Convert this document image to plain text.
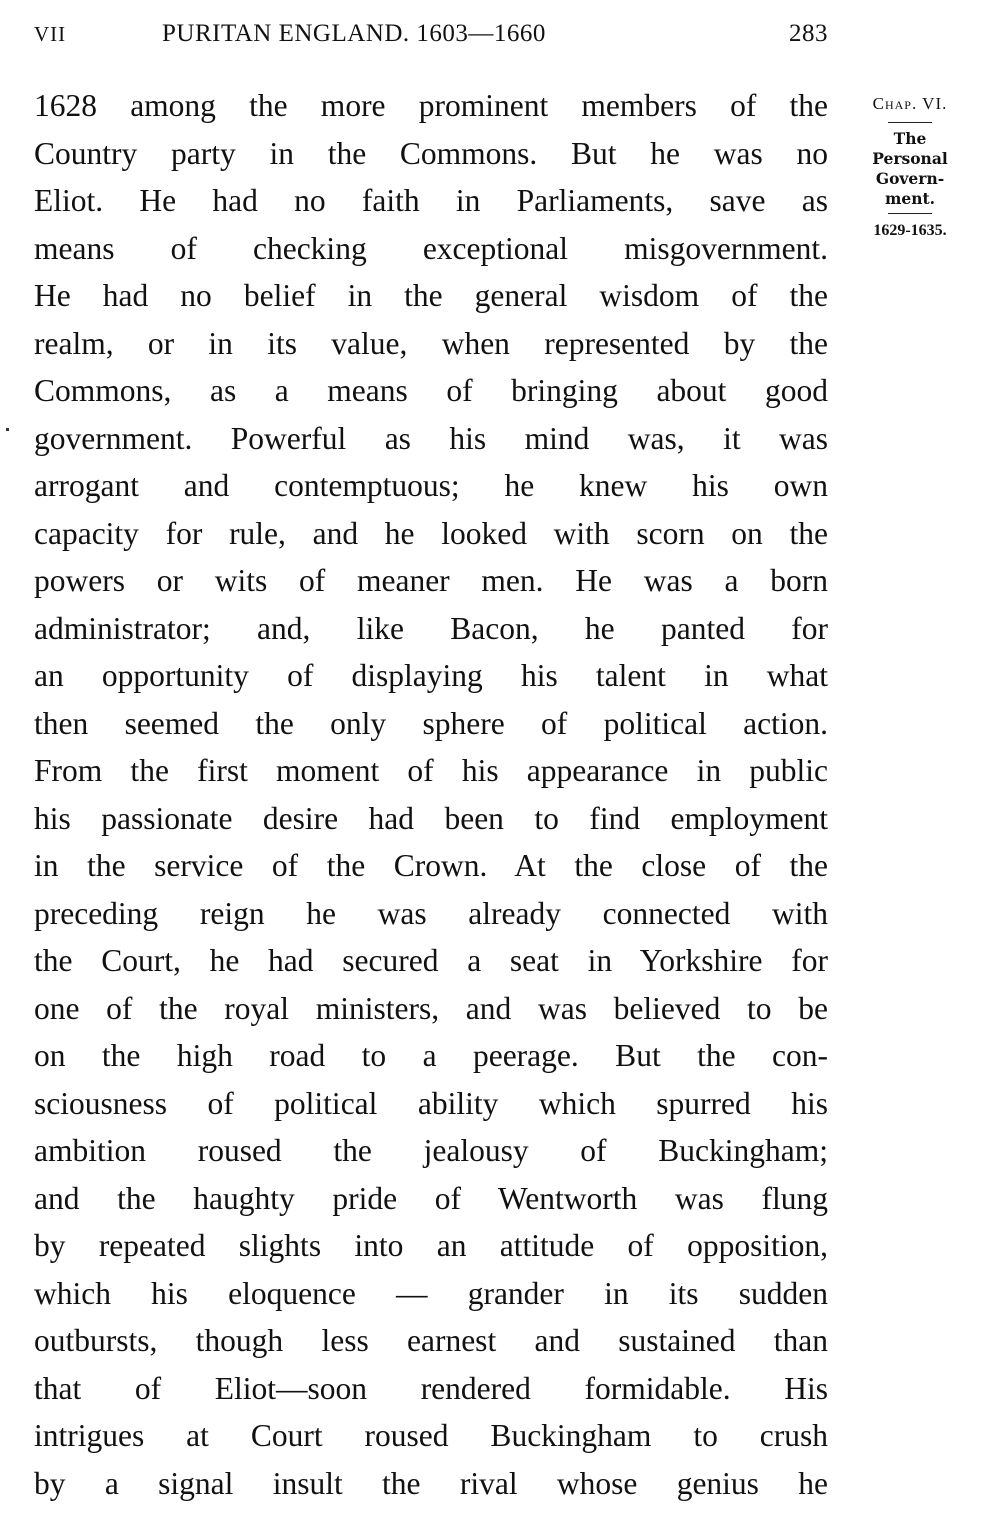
VII	PURITAN ENGLAND. 1603—1660	283
Chap. VI.
The
Personal
Govern-
ment.
1629-1635.
1628 among the more prominent members of the
Country party in the Commons. But he was no
Eliot. He had no faith in Parliaments, save as
means of checking exceptional misgovernment.
He had no belief in the general wisdom of the
realm, or in its value, when represented by the
Commons, as a means of bringing about good
government. Powerful as his mind was, it was
arrogant and contemptuous; he knew his own
capacity for rule, and he looked with scorn on the
powers or wits of meaner men. He was a born
administrator; and, like Bacon, he panted for
an opportunity of displaying his talent in what
then seemed the only sphere of political action.
From the first moment of his appearance in public
his passionate desire had been to find employment
in the service of the Crown. At the close of the
preceding reign he was already connected with
the Court, he had secured a seat in Yorkshire for
one of the royal ministers, and was believed to be
on the high road to a peerage. But the con-
sciousness of political ability which spurred his
ambition roused the jealousy of Buckingham;
and the haughty pride of Wentworth was flung
by repeated slights into an attitude of opposition,
which his eloquence — grander in its sudden
outbursts, though less earnest and sustained than
that of Eliot—soon rendered formidable. His
intrigues at Court roused Buckingham to crush
by a signal insult the rival whose genius he
